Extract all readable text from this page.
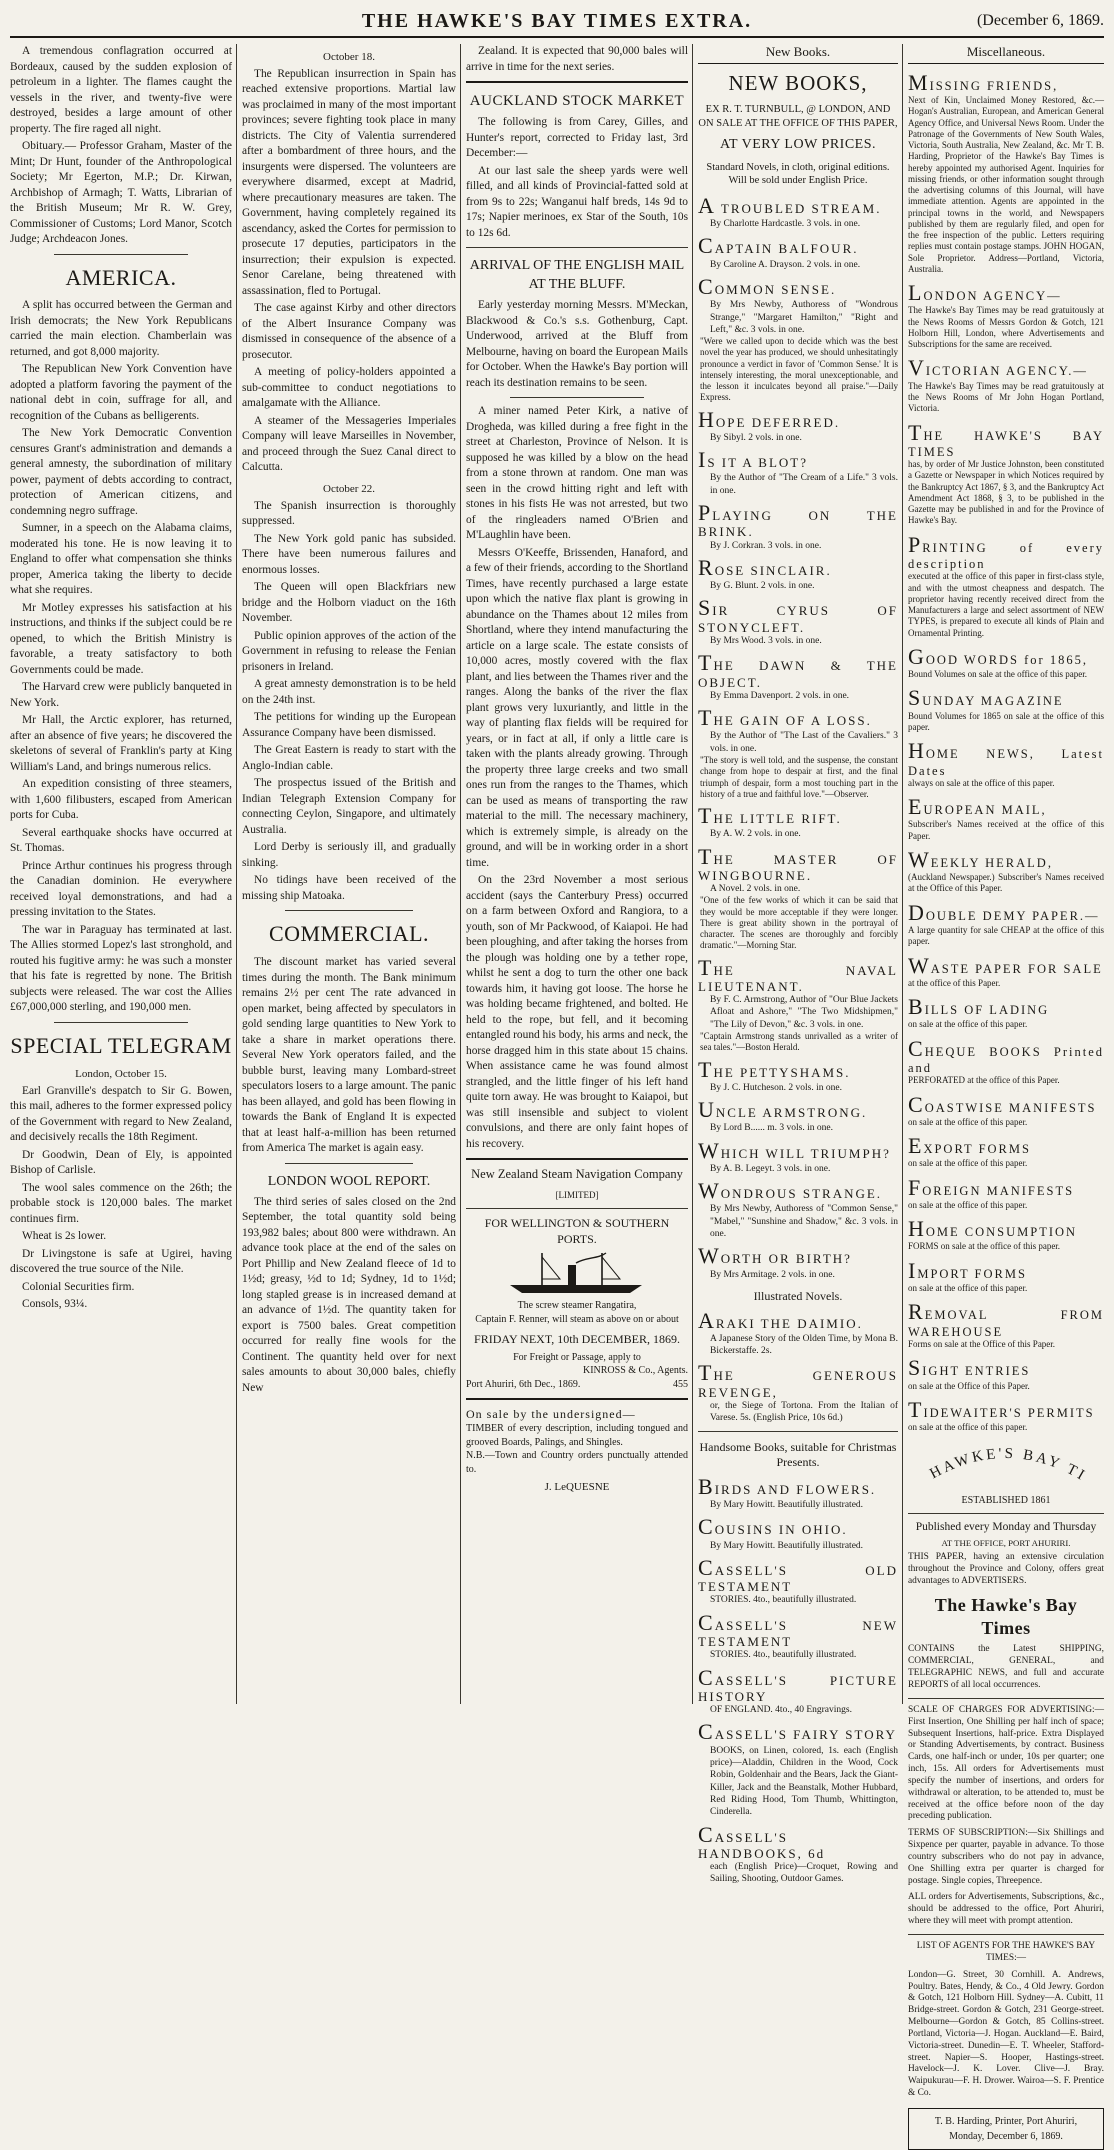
THE HAWKE'S BAY TIMES EXTRA.	(December 6, 1869.

A tremendous conflagration occurred at Bordeaux, caused by the sudden explosion of petroleum in a lighter. The flames caught the vessels in the river, and twenty-five were destroyed, besides a large amount of other property. The fire raged all night.

Obituary.— Professor Graham, Master of the Mint; Dr Hunt, founder of the Anthropological Society; Mr Egerton, M.P.; Dr. Kirwan, Archbishop of Armagh; T. Watts, Librarian of the British Museum; Mr R. W. Grey, Commissioner of Customs; Lord Manor, Scotch Judge; Archdeacon Jones.

AMERICA.

A split has occurred between the German and Irish democrats; the New York Republicans carried the main election. Chamberlain was returned, and got 8,000 majority.

The Republican New York Convention have adopted a platform favoring the payment of the national debt in coin, suffrage for all, and recognition of the Cubans as belligerents.

The New York Democratic Convention censures Grant's administration and demands a general amnesty, the subordination of military power, payment of debts according to contract, protection of American citizens, and condemning negro suffrage.

Sumner, in a speech on the Alabama claims, moderated his tone. He is now leaving it to England to offer what compensation she thinks proper, America taking the liberty to decide what she requires.

Mr Motley expresses his satisfaction at his instructions, and thinks if the subject could be re opened, to which the British Ministry is favorable, a treaty satisfactory to both Governments could be made.

The Harvard crew were publicly banqueted in New York.

Mr Hall, the Arctic explorer, has returned, after an absence of five years; he discovered the skeletons of several of Franklin's party at King William's Land, and brings numerous relics.

An expedition consisting of three steamers, with 1,600 filibusters, escaped from American ports for Cuba.

Several earthquake shocks have occurred at St. Thomas.

Prince Arthur continues his progress through the Canadian dominion. He everywhere received loyal demonstrations, and had a pressing invitation to the States.

The war in Paraguay has terminated at last. The Allies stormed Lopez's last stronghold, and routed his fugitive army: he was such a monster that his fate is regretted by none. The British subjects were released. The war cost the Allies £67,000,000 sterling, and 190,000 men.

SPECIAL TELEGRAM
London, October 15.

Earl Granville's despatch to Sir G. Bowen, this mail, adheres to the former expressed policy of the Government with regard to New Zealand, and decisively recalls the 18th Regiment.

Dr Goodwin, Dean of Ely, is appointed Bishop of Carlisle.

The wool sales commence on the 26th; the probable stock is 120,000 bales. The market continues firm.

Wheat is 2s lower.

Dr Livingstone is safe at Ugirei, having discovered the true source of the Nile.

Colonial Securities firm.

Consols, 93¼.

October 18.

The Republican insurrection in Spain has reached extensive proportions. Martial law was proclaimed in many of the most important provinces; severe fighting took place in many districts. The City of Valentia surrendered after a bombardment of three hours, and the insurgents were dispersed. The volunteers are everywhere disarmed, except at Madrid, where precautionary measures are taken. The Government, having completely regained its ascendancy, asked the Cortes for permission to prosecute 17 deputies, participators in the insurrection; their expulsion is expected. Senor Carelane, being threatened with assassination, fled to Portugal.

The case against Kirby and other directors of the Albert Insurance Company was dismissed in consequence of the absence of a prosecutor.

A meeting of policy-holders appointed a sub-committee to conduct negotiations to amalgamate with the Alliance.

A steamer of the Messageries Imperiales Company will leave Marseilles in November, and proceed through the Suez Canal direct to Calcutta.

October 22.

The Spanish insurrection is thoroughly suppressed.

The New York gold panic has subsided. There have been numerous failures and enormous losses.

The Queen will open Blackfriars new bridge and the Holborn viaduct on the 16th November.

Public opinion approves of the action of the Government in refusing to release the Fenian prisoners in Ireland.

A great amnesty demonstration is to be held on the 24th inst.

The petitions for winding up the European Assurance Company have been dismissed.

The Great Eastern is ready to start with the Anglo-Indian cable.

The prospectus issued of the British and Indian Telegraph Extension Company for connecting Ceylon, Singapore, and ultimately Australia.

Lord Derby is seriously ill, and gradually sinking.

No tidings have been received of the missing ship Matoaka.

COMMERCIAL.

The discount market has varied several times during the month. The Bank minimum remains 2½ per cent The rate advanced in open market, being affected by speculators in gold sending large quantities to New York to take a share in market operations there. Several New York operators failed, and the bubble burst, leaving many Lombard-street speculators losers to a large amount. The panic has been allayed, and gold has been flowing in towards the Bank of England It is expected that at least half-a-million has been returned from America The market is again easy.

LONDON WOOL REPORT.

The third series of sales closed on the 2nd September, the total quantity sold being 193,982 bales; about 800 were withdrawn. An advance took place at the end of the sales on Port Phillip and New Zealand fleece of 1d to 1½d; greasy, ½d to 1d; Sydney, 1d to 1½d; long stapled grease is in increased demand at an advance of 1½d. The quantity taken for export is 7500 bales. Great competition occurred for really fine wools for the Continent. The quantity held over for next sales amounts to about 30,000 bales, chiefly New

Zealand. It is expected that 90,000 bales will arrive in time for the next series.

AUCKLAND STOCK MARKET

The following is from Carey, Gilles, and Hunter's report, corrected to Friday last, 3rd December:—

At our last sale the sheep yards were well filled, and all kinds of Provincial-fatted sold at from 9s to 22s; Wanganui half breds, 14s 9d to 17s; Napier merinoes, ex Star of the South, 10s to 12s 6d.

ARRIVAL OF THE ENGLISH MAIL AT THE BLUFF.

Early yesterday morning Messrs. M'Meckan, Blackwood & Co.'s s.s. Gothenburg, Capt. Underwood, arrived at the Bluff from Melbourne, having on board the European Mails for October. When the Hawke's Bay portion will reach its destination remains to be seen.

A miner named Peter Kirk, a native of Drogheda, was killed during a free fight in the street at Charleston, Province of Nelson. It is supposed he was killed by a blow on the head from a stone thrown at random. One man was seen in the crowd hitting right and left with stones in his fists He was not arrested, but two of the ringleaders named O'Brien and M'Laughlin have been.

Messrs O'Keeffe, Brissenden, Hanaford, and a few of their friends, according to the Shortland Times, have recently purchased a large estate upon which the native flax plant is growing in abundance on the Thames about 12 miles from Shortland, where they intend manufacturing the article on a large scale. The estate consists of 10,000 acres, mostly covered with the flax plant, and lies between the Thames river and the ranges. Along the banks of the river the flax plant grows very luxuriantly, and little in the way of planting flax fields will be required for years, or in fact at all, if only a little care is taken with the plants already growing. Through the property three large creeks and two small ones run from the ranges to the Thames, which can be used as means of transporting the raw material to the mill. The necessary machinery, which is extremely simple, is already on the ground, and will be in working order in a short time.

On the 23rd November a most serious accident (says the Canterbury Press) occurred on a farm between Oxford and Rangiora, to a youth, son of Mr Packwood, of Kaiapoi. He had been ploughing, and after taking the horses from the plough was holding one by a tether rope, whilst he sent a dog to turn the other one back towards him, it having got loose. The horse he was holding became frightened, and bolted. He held to the rope, but fell, and it becoming entangled round his body, his arms and neck, the horse dragged him in this state about 15 chains. When assistance came he was found almost strangled, and the little finger of his left hand quite torn away. He was brought to Kaiapoi, but was still insensible and subject to violent convulsions, and there are only faint hopes of his recovery.

New Zealand Steam Navigation Company
[LIMITED]
FOR WELLINGTON & SOUTHERN PORTS.
The screw steamer Rangatira,
Captain F. Renner, will steam as above on or about
FRIDAY NEXT, 10th DECEMBER, 1869.
For Freight or Passage, apply to
KINROSS & Co., Agents.
Port Ahuriri, 6th Dec., 1869.	455
On sale by the undersigned—
TIMBER of every description, including tongued and grooved Boards, Palings, and Shingles.
N.B.—Town and Country orders punctually attended to.
J. LeQUESNE
New Books.
NEW BOOKS,
EX R. T. TURNBULL, @ LONDON, AND ON SALE AT THE OFFICE OF THIS PAPER,
AT VERY LOW PRICES.
Standard Novels, in cloth, original editions. Will be sold under English Price.
A TROUBLED STREAM.
By Charlotte Hardcastle. 3 vols. in one.
CAPTAIN BALFOUR.
By Caroline A. Drayson. 2 vols. in one.
COMMON SENSE.
By Mrs Newby, Authoress of "Wondrous Strange," "Margaret Hamilton," "Right and Left," &c. 3 vols. in one.
"Were we called upon to decide which was the best novel the year has produced, we should unhesitatingly pronounce a verdict in favor of 'Common Sense.' It is intensely interesting, the moral unexceptionable, and the lesson it inculcates beyond all praise."—Daily Express.
HOPE DEFERRED.
By Sibyl. 2 vols. in one.
IS IT A BLOT?
By the Author of "The Cream of a Life." 3 vols. in one.
PLAYING ON THE BRINK.
By J. Corkran. 3 vols. in one.
ROSE SINCLAIR.
By G. Blunt. 2 vols. in one.
SIR CYRUS OF STONYCLEFT.
By Mrs Wood. 3 vols. in one.
THE DAWN & THE OBJECT.
By Emma Davenport. 2 vols. in one.
THE GAIN OF A LOSS.
By the Author of "The Last of the Cavaliers." 3 vols. in one.
"The story is well told, and the suspense, the constant change from hope to despair at first, and the final triumph of despair, form a most touching part in the history of a true and faithful love."—Observer.
THE LITTLE RIFT.
By A. W. 2 vols. in one.
THE MASTER OF WINGBOURNE.
A Novel. 2 vols. in one.
"One of the few works of which it can be said that they would be more acceptable if they were longer. There is great ability shown in the portrayal of character. The scenes are thoroughly and forcibly dramatic."—Morning Star.
THE NAVAL LIEUTENANT.
By F. C. Armstrong, Author of "Our Blue Jackets Afloat and Ashore," "The Two Midshipmen," "The Lily of Devon," &c. 3 vols. in one.
"Captain Armstrong stands unrivalled as a writer of sea tales."—Boston Herald.
THE PETTYSHAMS.
By J. C. Hutcheson. 2 vols. in one.
UNCLE ARMSTRONG.
By Lord B...... m. 3 vols. in one.
WHICH WILL TRIUMPH?
By A. B. Legeyt. 3 vols. in one.
WONDROUS STRANGE.
By Mrs Newby, Authoress of "Common Sense," "Mabel," "Sunshine and Shadow," &c. 3 vols. in one.
WORTH OR BIRTH?
By Mrs Armitage. 2 vols. in one.
Illustrated Novels.
ARAKI THE DAIMIO.
A Japanese Story of the Olden Time, by Mona B. Bickerstaffe. 2s.
THE GENEROUS REVENGE,
or, the Siege of Tortona. From the Italian of Varese. 5s. (English Price, 10s 6d.)
Handsome Books, suitable for Christmas Presents.
BIRDS AND FLOWERS.
By Mary Howitt. Beautifully illustrated.
COUSINS IN OHIO.
By Mary Howitt. Beautifully illustrated.
CASSELL'S OLD TESTAMENT
STORIES. 4to., beautifully illustrated.
CASSELL'S NEW TESTAMENT
STORIES. 4to., beautifully illustrated.
CASSELL'S PICTURE HISTORY
OF ENGLAND. 4to., 40 Engravings.
CASSELL'S FAIRY STORY
BOOKS, on Linen, colored, 1s. each (English price)—Aladdin, Children in the Wood, Cock Robin, Goldenhair and the Bears, Jack the Giant-Killer, Jack and the Beanstalk, Mother Hubbard, Red Riding Hood, Tom Thumb, Whittington, Cinderella.
CASSELL'S HANDBOOKS, 6d
each (English Price)—Croquet, Rowing and Sailing, Shooting, Outdoor Games.
Miscellaneous.
MISSING FRIENDS,
Next of Kin, Unclaimed Money Restored, &c.—Hogan's Australian, European, and American General Agency Office, and Universal News Room. Under the Patronage of the Governments of New South Wales, Victoria, South Australia, New Zealand, &c. Mr T. B. Harding, Proprietor of the Hawke's Bay Times is hereby appointed my authorised Agent. Inquiries for missing friends, or other information sought through the advertising columns of this Journal, will have immediate attention. Agents are appointed in the principal towns in the world, and Newspapers published by them are regularly filed, and open for the free inspection of the public. Letters requiring replies must contain postage stamps. JOHN HOGAN, Sole Proprietor. Address—Portland, Victoria, Australia.
LONDON AGENCY—
The Hawke's Bay Times may be read gratuitously at the News Rooms of Messrs Gordon & Gotch, 121 Holborn Hill, London, where Advertisements and Subscriptions for the same are received.
VICTORIAN AGENCY.—
The Hawke's Bay Times may be read gratuitously at the News Rooms of Mr John Hogan Portland, Victoria.
THE HAWKE'S BAY TIMES
has, by order of Mr Justice Johnston, been constituted a Gazette or Newspaper in which Notices required by the Bankruptcy Act 1867, § 3, and the Bankruptcy Act Amendment Act 1868, § 3, to be published in the Gazette may be published in and for the Province of Hawke's Bay.
PRINTING of every description
executed at the office of this paper in first-class style, and with the utmost cheapness and despatch. The proprietor having recently received direct from the Manufacturers a large and select assortment of NEW TYPES, is prepared to execute all kinds of Plain and Ornamental Printing.
GOOD WORDS for 1865,
Bound Volumes on sale at the office of this paper.
SUNDAY MAGAZINE
Bound Volumes for 1865 on sale at the office of this paper.
HOME NEWS, Latest Dates
always on sale at the office of this paper.
EUROPEAN MAIL,
Subscriber's Names received at the office of this Paper.
WEEKLY HERALD,
(Auckland Newspaper.) Subscriber's Names received at the Office of this Paper.
DOUBLE DEMY PAPER.—
A large quantity for sale CHEAP at the office of this paper.
WASTE PAPER FOR SALE
at the office of this Paper.
BILLS OF LADING
on sale at the office of this paper.
CHEQUE BOOKS Printed and
PERFORATED at the office of this Paper.
COASTWISE MANIFESTS
on sale at the office of this paper.
EXPORT FORMS
on sale at the office of this paper.
FOREIGN MANIFESTS
on sale at the office of this paper.
HOME CONSUMPTION
FORMS on sale at the office of this paper.
IMPORT FORMS
on sale at the office of this paper.
REMOVAL FROM WAREHOUSE
Forms on sale at the Office of this Paper.
SIGHT ENTRIES
on sale at the Office of this Paper.
TIDEWAITER'S PERMITS
on sale at the office of this paper.
HAWKE'S BAY TI
ESTABLISHED 1861
Published every Monday and Thursday
AT THE OFFICE, PORT AHURIRI.
THIS PAPER, having an extensive circulation throughout the Province and Colony, offers great advantages to ADVERTISERS.
The Hawke's Bay Times
CONTAINS the Latest SHIPPING, COMMERCIAL, GENERAL, and TELEGRAPHIC NEWS, and full and accurate REPORTS of all local occurrences.
SCALE OF CHARGES FOR ADVERTISING:—First Insertion, One Shilling per half inch of space; Subsequent Insertions, half-price. Extra Displayed or Standing Advertisements, by contract. Business Cards, one half-inch or under, 10s per quarter; one inch, 15s. All orders for Advertisements must specify the number of insertions, and orders for withdrawal or alteration, to be attended to, must be received at the office before noon of the day preceding publication.
TERMS OF SUBSCRIPTION:—Six Shillings and Sixpence per quarter, payable in advance. To those country subscribers who do not pay in advance, One Shilling extra per quarter is charged for postage. Single copies, Threepence.
ALL orders for Advertisements, Subscriptions, &c., should be addressed to the office, Port Ahuriri, where they will meet with prompt attention.
LIST OF AGENTS FOR THE HAWKE'S BAY TIMES:—
London—G. Street, 30 Cornhill. A. Andrews, Poultry. Bates, Hendy, & Co., 4 Old Jewry. Gordon & Gotch, 121 Holborn Hill. Sydney—A. Cubitt, 11 Bridge-street. Gordon & Gotch, 231 George-street. Melbourne—Gordon & Gotch, 85 Collins-street. Portland, Victoria—J. Hogan. Auckland—E. Baird, Victoria-street. Dunedin—E. T. Wheeler, Stafford-street. Napier—S. Hooper, Hastings-street. Havelock—J. K. Lover. Clive—J. Bray. Waipukurau—F. H. Drower. Wairoa—S. F. Prentice & Co.
T. B. Harding, Printer, Port Ahuriri,
Monday, December 6, 1869.
